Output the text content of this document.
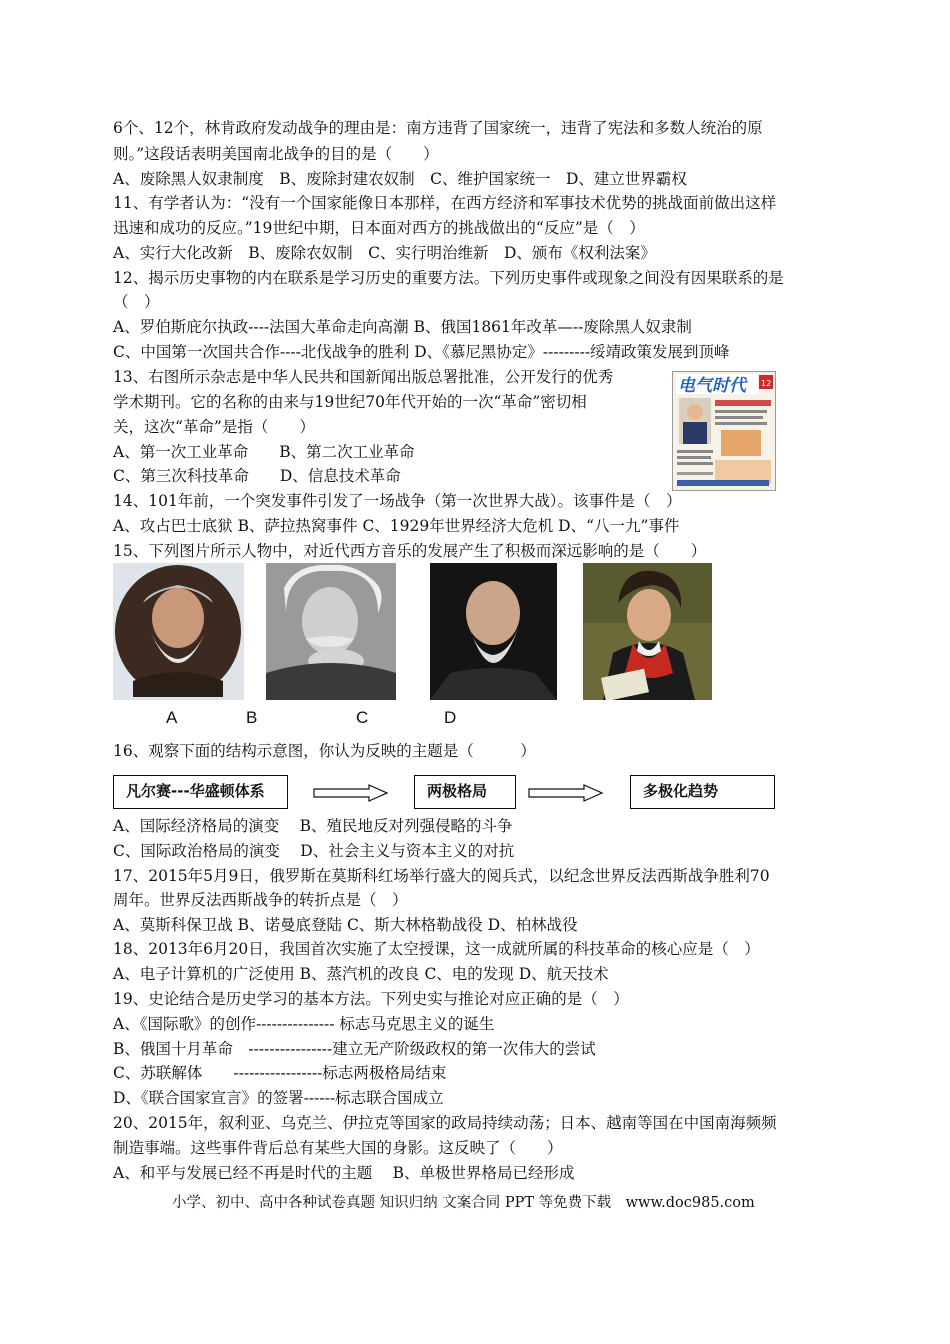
6个、12个，林肯政府发动战争的理由是：南方违背了国家统一，违背了宪法和多数人统治的原
则。”这段话表明美国南北战争的目的是（　　）
A、废除黑人奴隶制度　B、废除封建农奴制　C、维护国家统一　D、建立世界霸权
11、有学者认为：“没有一个国家能像日本那样，在西方经济和军事技术优势的挑战面前做出这样
迅速和成功的反应。”19世纪中期，日本面对西方的挑战做出的“反应”是（　）
A、实行大化改新　B、废除农奴制　C、实行明治维新　D、颁布《权利法案》
12、揭示历史事物的内在联系是学习历史的重要方法。下列历史事件或现象之间没有因果联系的是
（　）
A、罗伯斯庇尔执政----法国大革命走向高潮 B、俄国1861年改革—--废除黑人奴隶制
C、中国第一次国共合作----北伐战争的胜利 D、《慕尼黑协定》---------绥靖政策发展到顶峰
13、右图所示杂志是中华人民共和国新闻出版总署批准，公开发行的优秀
学术期刊。它的名称的由来与19世纪70年代开始的一次“革命”密切相
关，这次“革命”是指（　　）
A、第一次工业革命　　B、第二次工业革命
C、第三次科技革命　　D、信息技术革命
14、101年前，一个突发事件引发了一场战争（第一次世界大战）。该事件是（　）
A、攻占巴士底狱 B、萨拉热窝事件 C、1929年世界经济大危机 D、“八一九”事件
15、下列图片所示人物中，对近代西方音乐的发展产生了积极而深远影响的是（　　）
电气时代	12
A	B	C	D
16、观察下面的结构示意图，你认为反映的主题是（　　　）
凡尔赛---华盛顿体系	两极格局	多极化趋势
A、国际经济格局的演变　 B、殖民地反对列强侵略的斗争
C、国际政治格局的演变　 D、社会主义与资本主义的对抗
17、2015年5月9日，俄罗斯在莫斯科红场举行盛大的阅兵式，以纪念世界反法西斯战争胜利70
周年。世界反法西斯战争的转折点是（　）
A、莫斯科保卫战 B、诺曼底登陆 C、斯大林格勒战役 D、柏林战役
18、2013年6月20日，我国首次实施了太空授课，这一成就所属的科技革命的核心应是（　）
A、电子计算机的广泛使用 B、蒸汽机的改良 C、电的发现 D、航天技术
19、史论结合是历史学习的基本方法。下列史实与推论对应正确的是（　）
A、《国际歌》的创作--------------- 标志马克思主义的诞生
B、俄国十月革命　----------------建立无产阶级政权的第一次伟大的尝试
C、苏联解体　　-----------------标志两极格局结束
D、《联合国家宣言》的签署------标志联合国成立
20、2015年，叙利亚、乌克兰、伊拉克等国家的政局持续动荡；日本、越南等国在中国南海频频
制造事端。这些事件背后总有某些大国的身影。这反映了（　　）
A、和平与发展已经不再是时代的主题　 B、单极世界格局已经形成
小学、初中、高中各种试卷真题 知识归纳 文案合同 PPT 等免费下载　www.doc985.com
